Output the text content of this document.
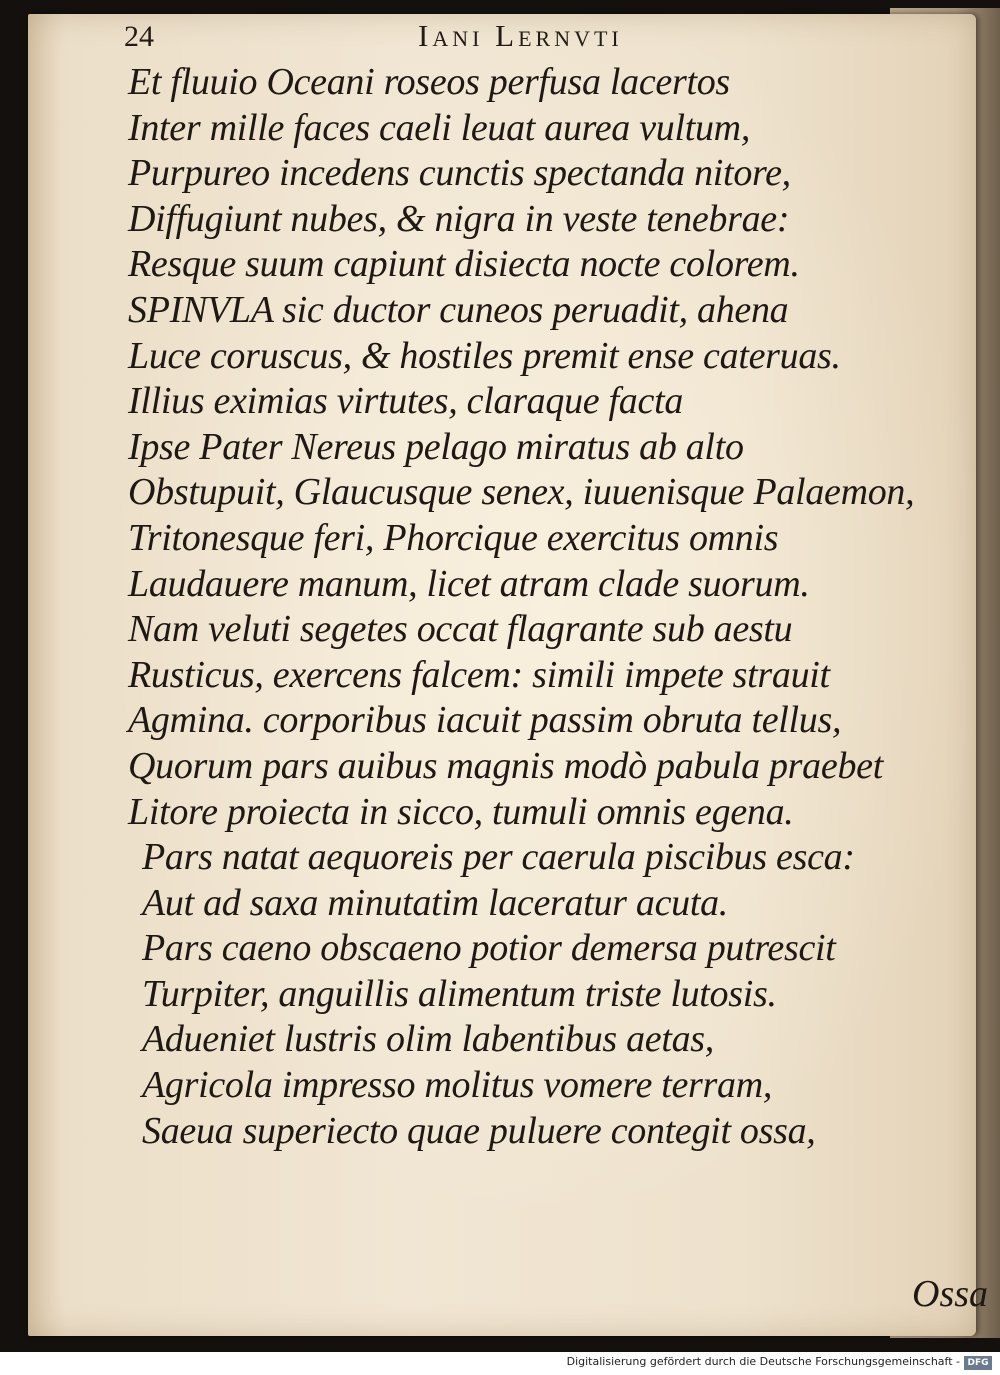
24	Iani Lernvti
Et fluuio Oceani roseos perfusa lacertos
Inter mille faces caeli leuat aurea vultum,
Purpureo incedens cunctis spectanda nitore,
Diffugiunt nubes, & nigra in veste tenebrae:
Resque suum capiunt disiecta nocte colorem.
SPINVLA sic ductor cuneos peruadit, ahena
Luce coruscus, & hostiles premit ense cateruas.
Illius eximias virtutes, claraque facta
Ipse Pater Nereus pelago miratus ab alto
Obstupuit, Glaucusque senex, iuuenisque Palaemon,
Tritonesque feri, Phorcique exercitus omnis
Laudauere manum, licet atram clade suorum.
Nam veluti segetes occat flagrante sub aestu
Rusticus, exercens falcem: simili impete strauit
Agmina. corporibus iacuit passim obruta tellus,
Quorum pars auibus magnis modò pabula praebet
Litore proiecta in sicco, tumuli omnis egena.
Pars natat aequoreis per caerula piscibus esca:
Aut ad saxa minutatim laceratur acuta.
Pars caeno obscaeno potior demersa putrescit
Turpiter, anguillis alimentum triste lutosis.
Adueniet lustris olim labentibus aetas,
Agricola impresso molitus vomere terram,
Saeua superiecto quae puluere contegit ossa,
Ossa
Digitalisierung gefördert durch die Deutsche Forschungsgemeinschaft - DFG
